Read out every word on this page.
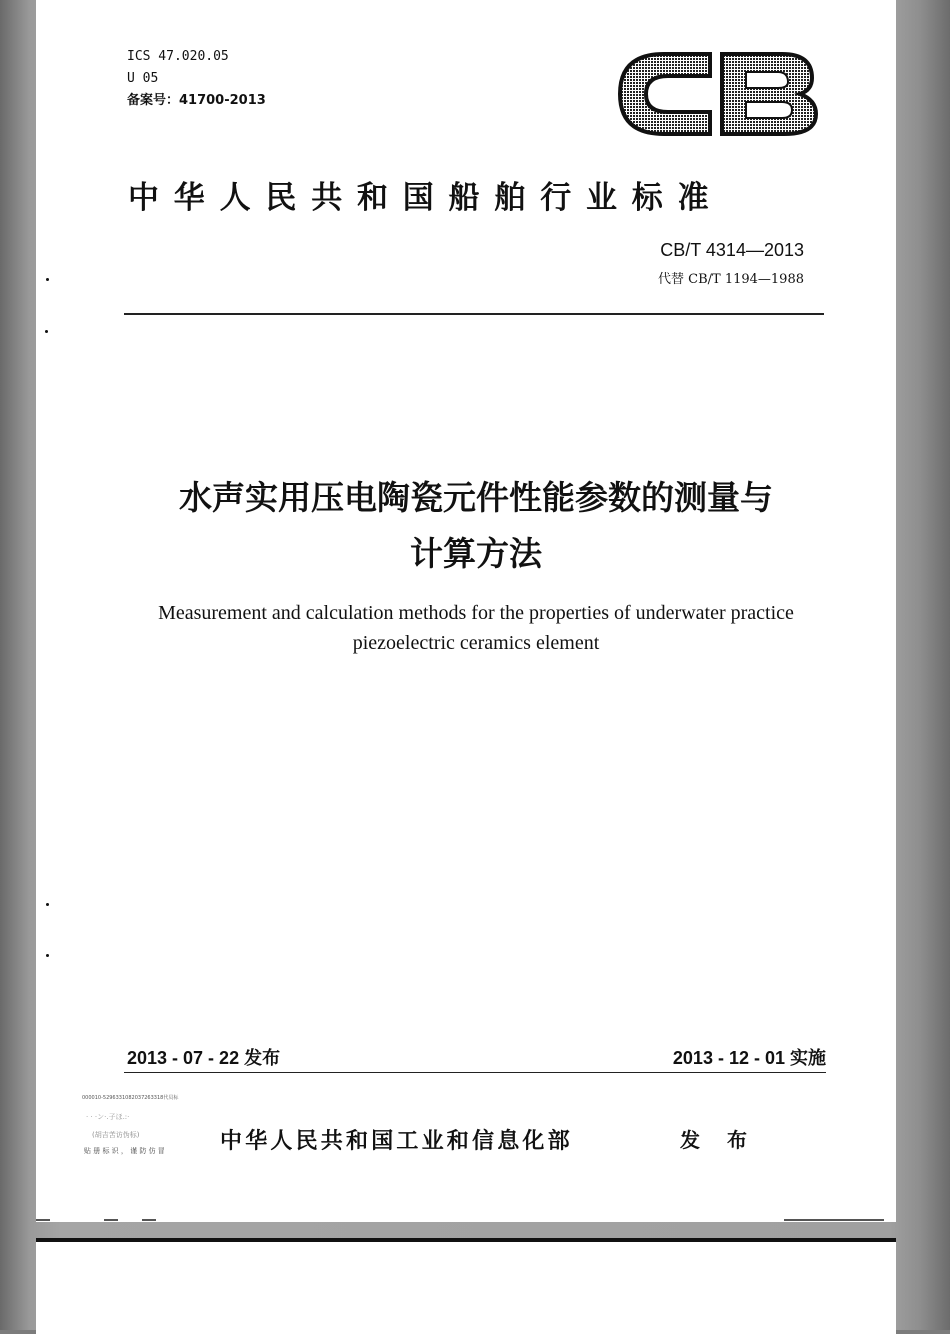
ICS 47.020.05
U 05
备案号：41700-2013
中华人民共和国船舶行业标准
CB/T 4314—2013
代替 CB/T 1194—1988
水声实用压电陶瓷元件性能参数的测量与
计算方法
Measurement and calculation methods for the properties of underwater practice
piezoelectric ceramics element
2013 - 07 - 22 发布	2013 - 12 - 01 实施
000010-5296331082037263318代员标
· · ·ン·.子ほ.:·
(胡吉苦访伪标)
贴 册 标 识 ， 谨 防 仿 冒	中华人民共和国工业和信息化部	发 布
